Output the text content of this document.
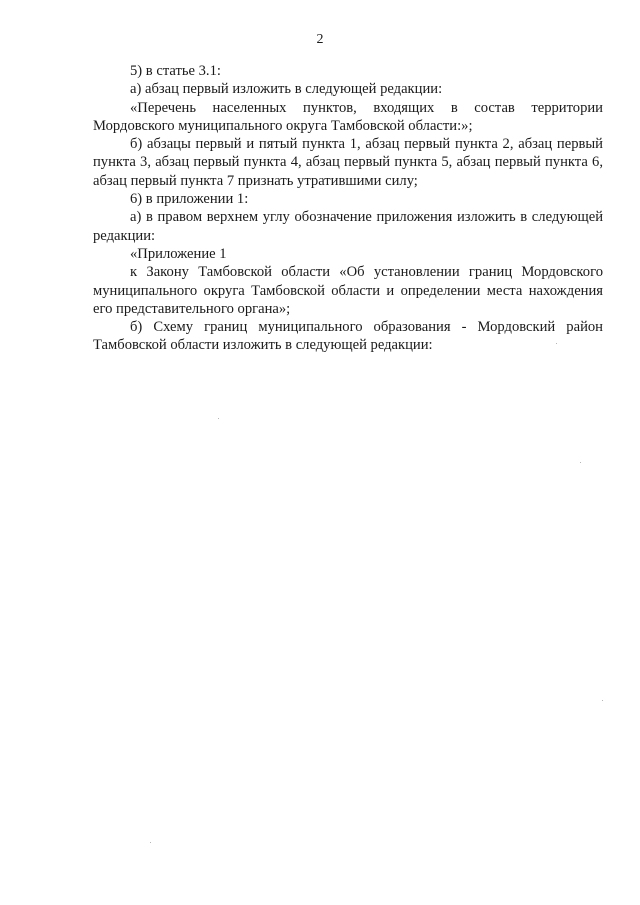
2

5) в статье 3.1:

а) абзац первый изложить в следующей редакции:

«Перечень населенных пунктов, входящих в состав территории Мордовского муниципального округа Тамбовской области:»;

б) абзацы первый и пятый пункта 1, абзац первый пункта 2, абзац первый пункта 3, абзац первый пункта 4, абзац первый пункта 5, абзац первый пункта 6, абзац первый пункта 7 признать утратившими силу;

6) в приложении 1:

а) в правом верхнем углу обозначение приложения изложить в следующей редакции:

«Приложение 1

к Закону Тамбовской области «Об установлении границ Мордовского муниципального округа Тамбовской области и определении места нахождения его представительного органа»;

б) Схему границ муниципального образования - Мордовский район Тамбовской области изложить в следующей редакции:
